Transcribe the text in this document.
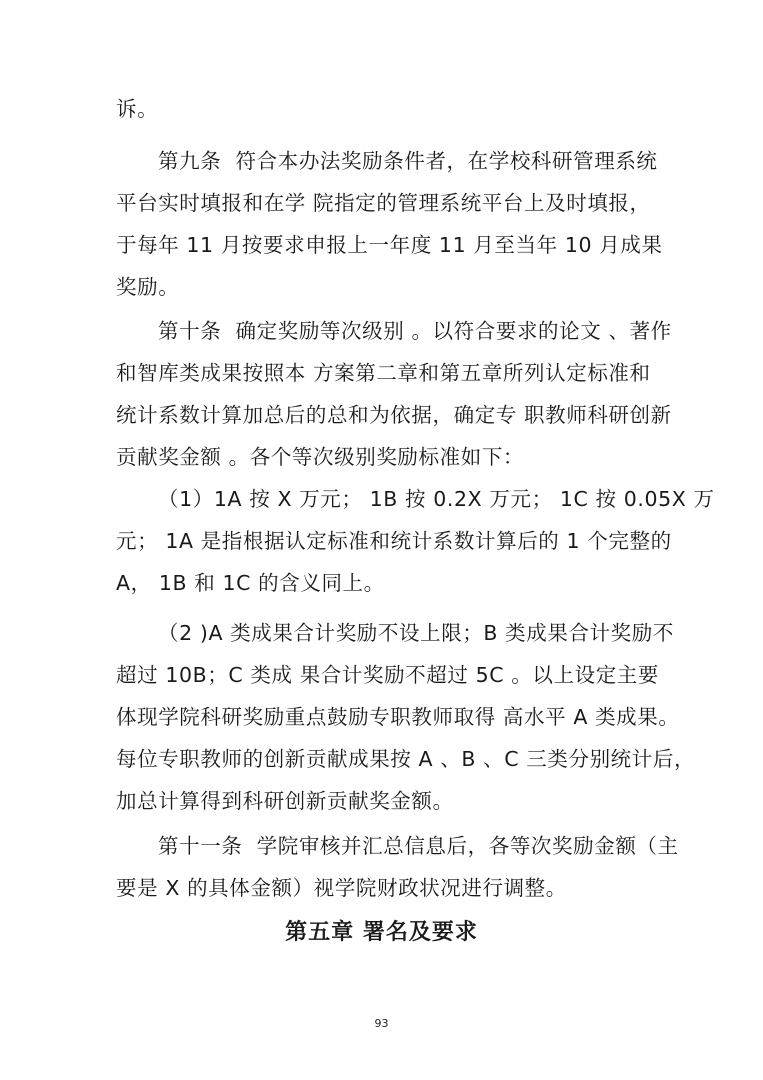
诉。
第九条  符合本办法奖励条件者，在学校科研管理系统
平台实时填报和在学 院指定的管理系统平台上及时填报，
于每年 11 月按要求申报上一年度 11 月至当年 10 月成果
奖励。
第十条  确定奖励等次级别 。以符合要求的论文 、著作
和智库类成果按照本 方案第二章和第五章所列认定标准和
统计系数计算加总后的总和为依据，确定专 职教师科研创新
贡献奖金额 。各个等次级别奖励标准如下：
（1）1A 按 X 万元； 1B 按 0.2X 万元； 1C 按 0.05X 万
元； 1A 是指根据认定标准和统计系数计算后的 1 个完整的
A， 1B 和 1C 的含义同上。
（2 )A 类成果合计奖励不设上限；B 类成果合计奖励不
超过 10B；C 类成 果合计奖励不超过 5C 。以上设定主要
体现学院科研奖励重点鼓励专职教师取得 高水平 A 类成果。
每位专职教师的创新贡献成果按 A 、B 、C 三类分别统计后，
加总计算得到科研创新贡献奖金额。
第十一条  学院审核并汇总信息后，各等次奖励金额（主
要是 X 的具体金额）视学院财政状况进行调整。
第五章 署名及要求
93
